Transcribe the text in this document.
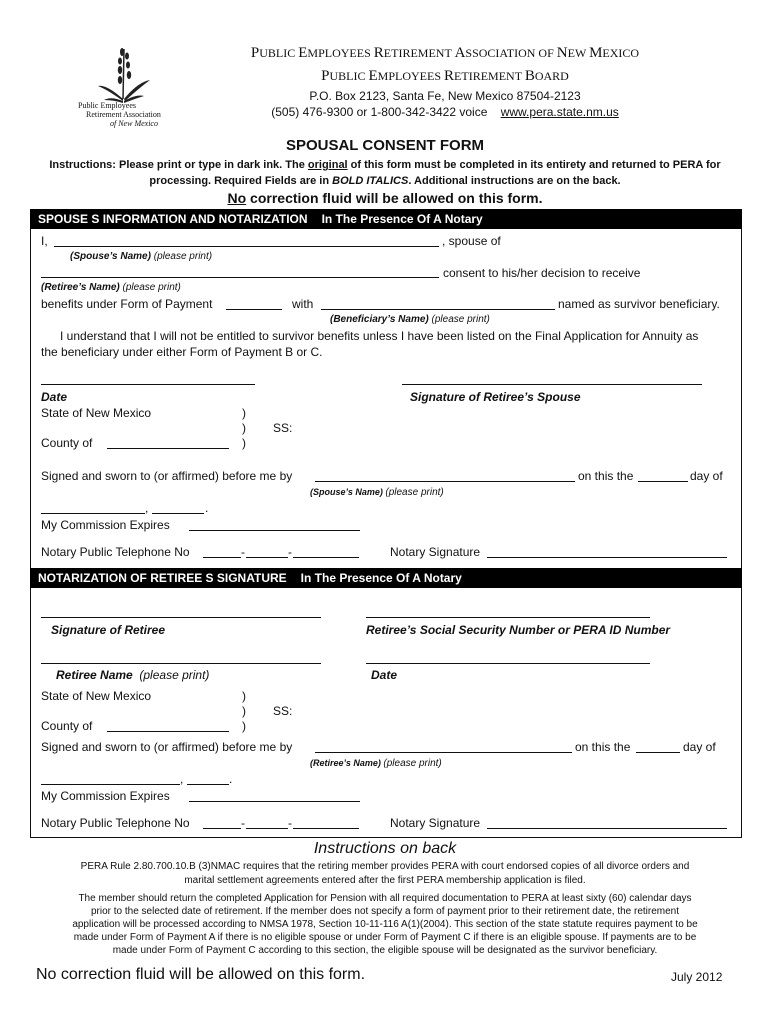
Public Employees
Retirement Association
of New Mexico
PUBLIC EMPLOYEES RETIREMENT ASSOCIATION OF NEW MEXICO
PUBLIC EMPLOYEES RETIREMENT BOARD
P.O. Box 2123, Santa Fe, New Mexico 87504-2123
(505) 476-9300 or 1-800-342-3422 voice www.pera.state.nm.us
SPOUSAL CONSENT FORM
Instructions: Please print or type in dark ink. The original of this form must be completed in its entirety and returned to PERA for
processing. Required Fields are in BOLD ITALICS. Additional instructions are on the back.
No correction fluid will be allowed on this form.
SPOUSE S INFORMATION AND NOTARIZATION In The Presence Of A Notary
I,	, spouse of
(Spouse’s Name) (please print)
consent to his/her decision to receive
(Retiree’s Name) (please print)
benefits under Form of Payment	with	named as survivor beneficiary.
(Beneficiary’s Name) (please print)
I understand that I will not be entitled to survivor benefits unless I have been listed on the Final Application for Annuity as
the beneficiary under either Form of Payment B or C.
Date	Signature of Retiree’s Spouse
State of New Mexico	)
) SS:
County of	)
Signed and sworn to (or affirmed) before me by	on this the	day of
(Spouse’s Name) (please print)
,	.
My Commission Expires
Notary Public Telephone No	-	-	Notary Signature
NOTARIZATION OF RETIREE S SIGNATURE In The Presence Of A Notary
Signature of Retiree	Retiree’s Social Security Number or PERA ID Number
Retiree Name (please print)	Date
State of New Mexico	)
) SS:
County of	)
Signed and sworn to (or affirmed) before me by	on this the	day of
(Retiree’s Name) (please print)
,	.
My Commission Expires
Notary Public Telephone No	-	-	Notary Signature
Instructions on back
PERA Rule 2.80.700.10.B (3)NMAC requires that the retiring member provides PERA with court endorsed copies of all divorce orders and
marital settlement agreements entered after the first PERA membership application is filed.
The member should return the completed Application for Pension with all required documentation to PERA at least sixty (60) calendar days
prior to the selected date of retirement. If the member does not specify a form of payment prior to their retirement date, the retirement
application will be processed according to NMSA 1978, Section 10-11-116 A(1)(2004). This section of the state statute requires payment to be
made under Form of Payment A if there is no eligible spouse or under Form of Payment C if there is an eligible spouse. If payments are to be
made under Form of Payment C according to this section, the eligible spouse will be designated as the survivor beneficiary.
No correction fluid will be allowed on this form.	July 2012
